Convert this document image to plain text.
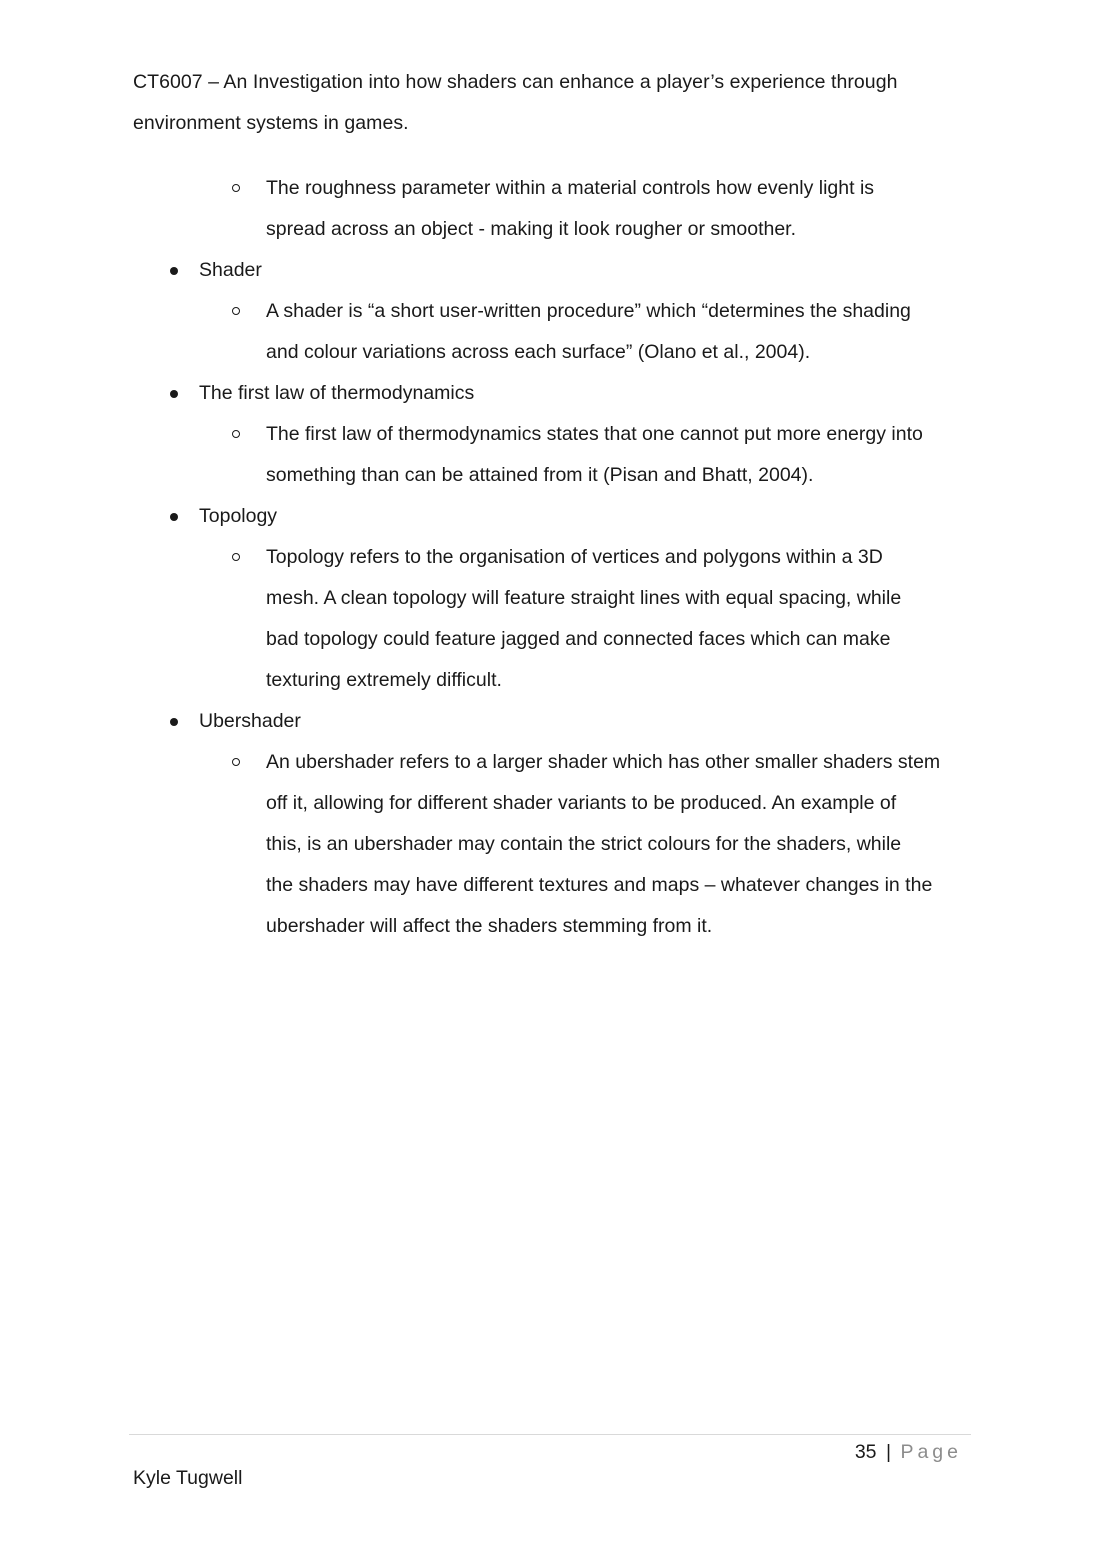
CT6007 – An Investigation into how shaders can enhance a player’s experience through
environment systems in games.
The roughness parameter within a material controls how evenly light is
spread across an object - making it look rougher or smoother.
Shader
A shader is “a short user-written procedure” which “determines the shading
and colour variations across each surface” (Olano et al., 2004).
The first law of thermodynamics
The first law of thermodynamics states that one cannot put more energy into
something than can be attained from it (Pisan and Bhatt, 2004).
Topology
Topology refers to the organisation of vertices and polygons within a 3D
mesh. A clean topology will feature straight lines with equal spacing, while
bad topology could feature jagged and connected faces which can make
texturing extremely difficult.
Ubershader
An ubershader refers to a larger shader which has other smaller shaders stem
off it, allowing for different shader variants to be produced. An example of
this, is an ubershader may contain the strict colours for the shaders, while
the shaders may have different textures and maps – whatever changes in the
ubershader will affect the shaders stemming from it.
35 | Page
Kyle Tugwell
